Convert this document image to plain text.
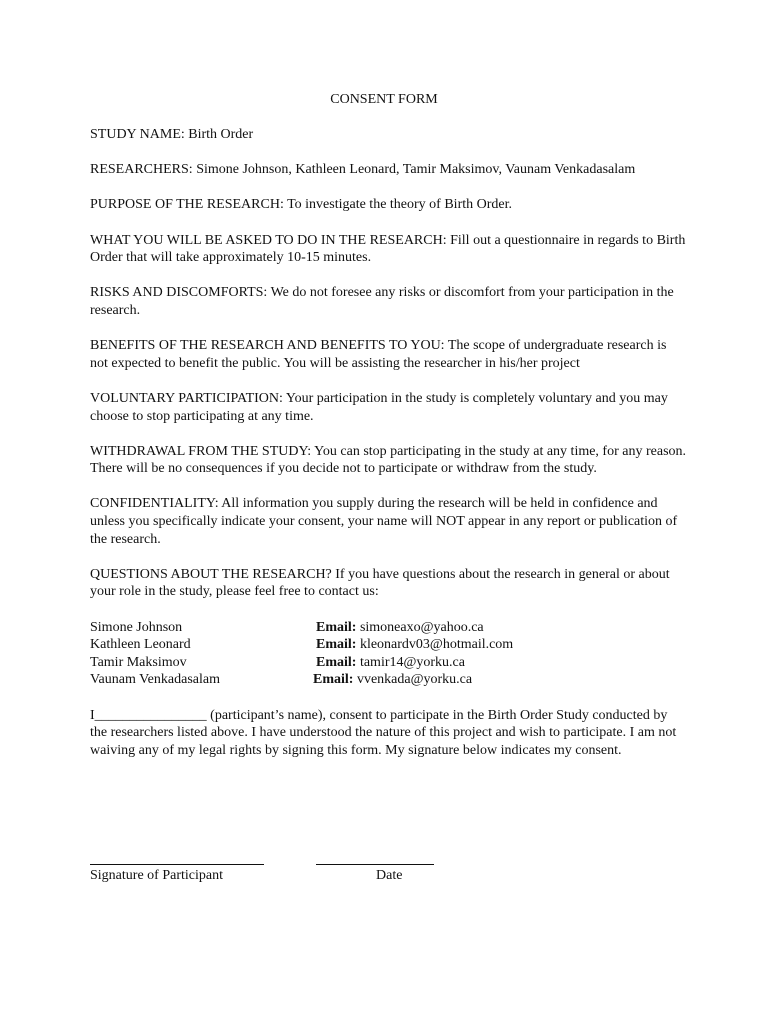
CONSENT FORM

STUDY NAME: Birth Order

RESEARCHERS: Simone Johnson, Kathleen Leonard, Tamir Maksimov, Vaunam Venkadasalam

PURPOSE OF THE RESEARCH: To investigate the theory of Birth Order.

WHAT YOU WILL BE ASKED TO DO IN THE RESEARCH: Fill out a questionnaire in regards to Birth Order that will take approximately 10-15 minutes.

RISKS AND DISCOMFORTS: We do not foresee any risks or discomfort from your participation in the research.

BENEFITS OF THE RESEARCH AND BENEFITS TO YOU: The scope of undergraduate research is not expected to benefit the public. You will be assisting the researcher in his/her project

VOLUNTARY PARTICIPATION: Your participation in the study is completely voluntary and you may choose to stop participating at any time.

WITHDRAWAL FROM THE STUDY: You can stop participating in the study at any time, for any reason. There will be no consequences if you decide not to participate or withdraw from the study.

CONFIDENTIALITY: All information you supply during the research will be held in confidence and unless you specifically indicate your consent, your name will NOT appear in any report or publication of the research.

QUESTIONS ABOUT THE RESEARCH? If you have questions about the research in general or about your role in the study, please feel free to contact us:

Simone Johnson	Email: simoneaxo@yahoo.ca
Kathleen Leonard	Email: kleonardv03@hotmail.com
Tamir Maksimov	Email: tamir14@yorku.ca
Vaunam Venkadasalam	Email: vvenkada@yorku.ca

I________________ (participant’s name), consent to participate in the Birth Order Study conducted by the researchers listed above. I have understood the nature of this project and wish to participate. I am not waiving any of my legal rights by signing this form. My signature below indicates my consent.

Signature of Participant	Date
